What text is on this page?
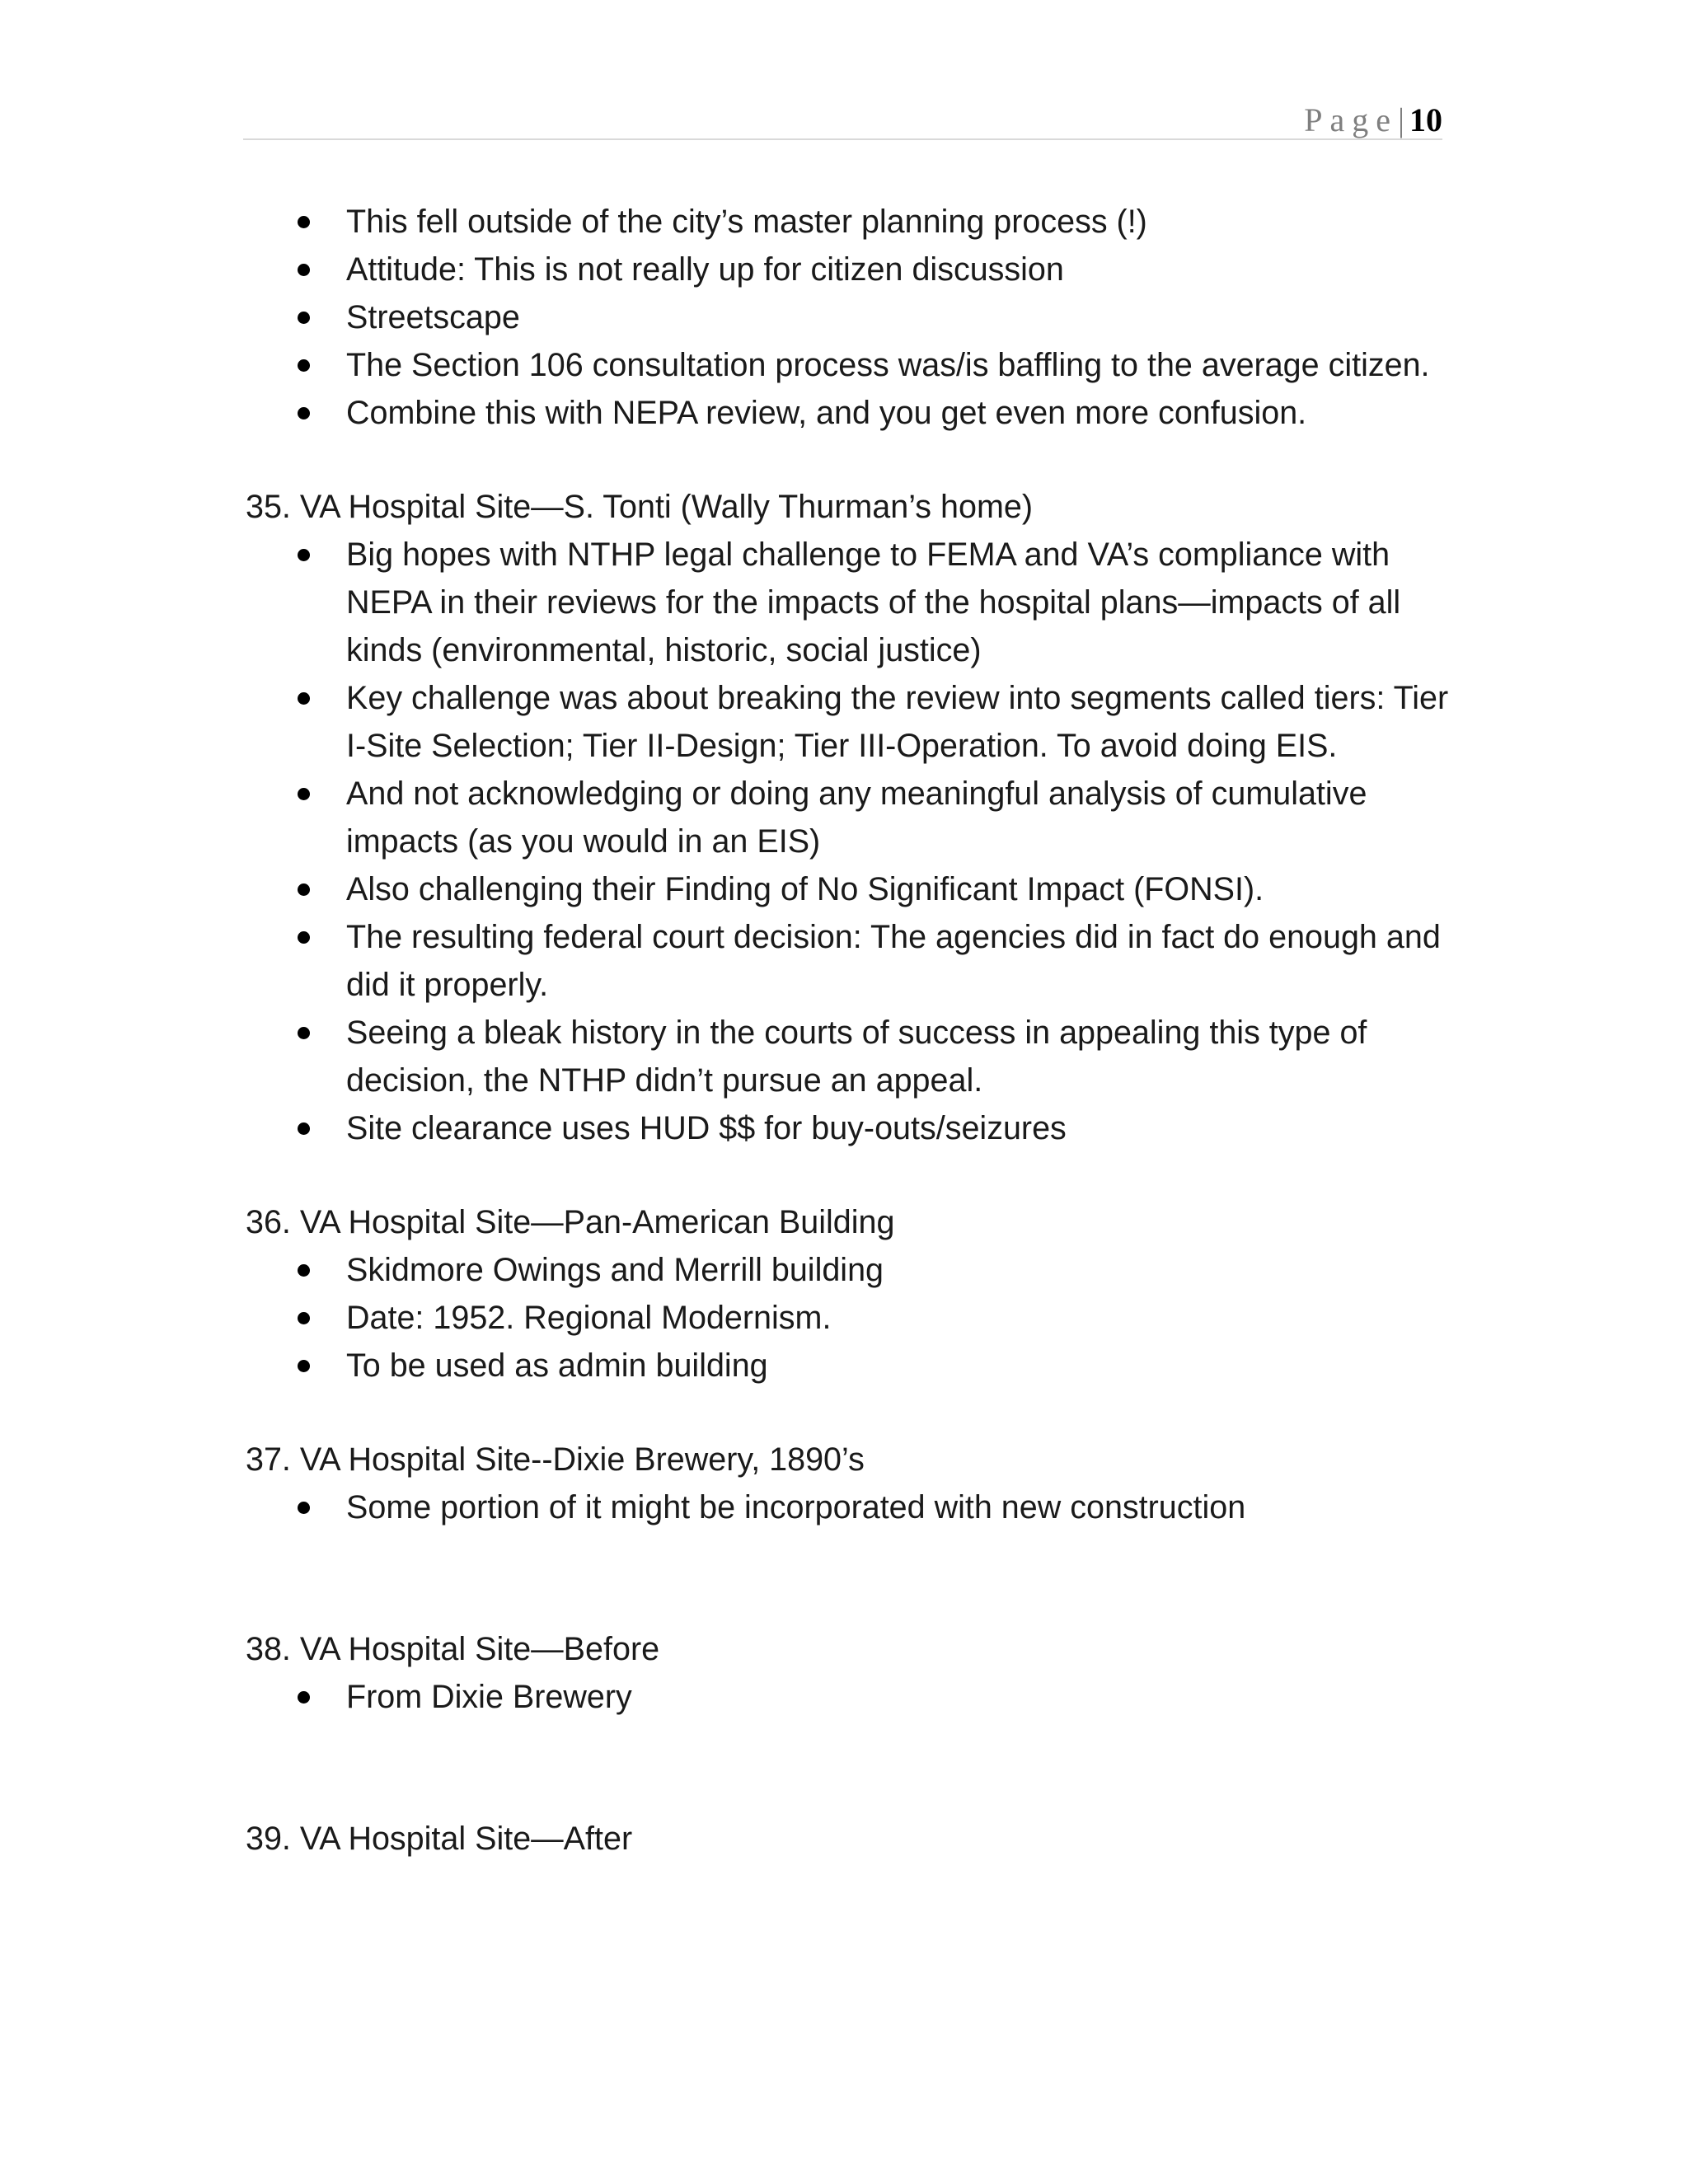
Page| 10
This fell outside of the city’s master planning process (!)
Attitude: This is not really up for citizen discussion
Streetscape
The Section 106 consultation process was/is baffling to the average citizen.
Combine this with NEPA review, and you get even more confusion.

35. VA Hospital Site—S. Tonti (Wally Thurman’s home)

Big hopes with NTHP legal challenge to FEMA and VA’s compliance with NEPA in their reviews for the impacts of the hospital plans—impacts of all kinds (environmental, historic, social justice)
Key challenge was about breaking the review into segments called tiers: Tier I-Site Selection; Tier II-Design; Tier III-Operation. To avoid doing EIS.
And not acknowledging or doing any meaningful analysis of cumulative impacts (as you would in an EIS)
Also challenging their Finding of No Significant Impact (FONSI).
The resulting federal court decision: The agencies did in fact do enough and did it properly.
Seeing a bleak history in the courts of success in appealing this type of decision, the NTHP didn’t pursue an appeal.
Site clearance uses HUD $$ for buy-outs/seizures

36. VA Hospital Site—Pan-American Building

Skidmore Owings and Merrill building
Date: 1952. Regional Modernism.
To be used as admin building

37. VA Hospital Site--Dixie Brewery, 1890’s

Some portion of it might be incorporated with new construction

38. VA Hospital Site—Before

From Dixie Brewery

39. VA Hospital Site—After
